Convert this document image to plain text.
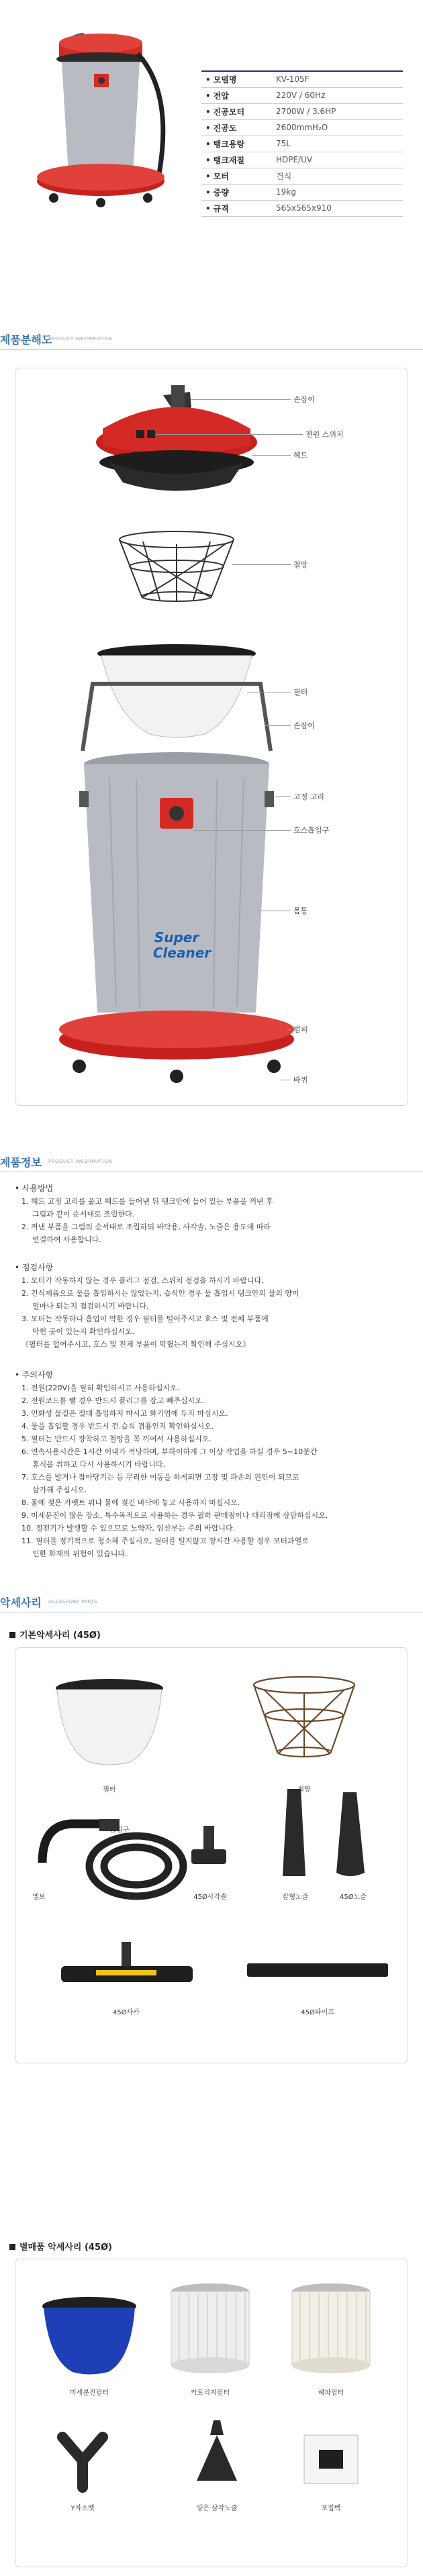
• 모델명	KV-105F
• 전압	220V / 60Hz
• 진공모터	2700W / 3.6HP
• 진공도	2600mmH₂O
• 탱크용량	75L
• 탱크재질	HDPE/UV
• 모터	건식
• 중량	19kg
• 규격	565x565x910
제품분해도
PRODUCT INFORMATION
Super
Cleaner
손잡이
전원 스위치
헤드
철망
필터
손잡이
고정 고리
호스흡입구
몸통
범퍼
바퀴
제품정보 PRODUCT INFORMATION
• 사용방법
1. 헤드 고정 고리를 풀고 헤드를 들어낸 뒤 탱크안에 들어 있는 부품을 꺼낸 후
그림과 같이 순서대로 조립한다.
2. 꺼낸 부품을 그림의 순서대로 조립하되 바닥용, 사각솔, 노즐은 용도에 따라
연결하여 사용합니다.
• 점검사항
1. 모터가 작동하지 않는 경우 플러그 점검, 스위치 점검을 하시기 바랍니다.
2. 건식제품으로 물을 흡입하시는 않았는지, 습식인 경우 물 흡입시 탱크안의 물의 양이
얼마나 되는지 점검하시기 바랍니다.
3. 모터는 작동하나 흡입이 약한 경우 필터를 털어주시고 호스 및 전체 부품에
막힌 곳이 있는지 확인하십시오.
《필터를 털어주시고, 호스 및 전체 부품이 막혔는지 확인해 주십시오》
• 주의사항
1. 전원(220V)을 필히 확인하시고 사용하십시오.
2. 전원코드를 뺄 경우 반드시 플러그를 잡고 빼주십시오.
3. 인화성 물질은 절대 흡입하지 마시고 화기엄에 두지 마십시오.
4. 물을 흡입할 경우 반드시 건.습식 겸용인지 확인하십시오.
5. 필터는 반드시 장착하고 철망을 꼭 끼어서 사용하십시오.
6. 연속사용시간은 1시간 이내가 적당하며, 부하이하게 그 이상 작업을 하실 경우 5~10분간
휴식을 취하고 다시 사용하시기 바랍니다.
7. 호스를 발거나 잡아당기는 등 무리한 이동을 하게되면 고장 및 파손의 원인이 되므로
삼가해 주십시오.
8. 물에 젖은 카펫트 위나 물에 젖긴 바닥에 놓고 사용하지 마십시오.
9. 미세분진이 많은 장소, 특수목적으로 사용하는 경우 필히 판매점이나 대리점에 상담하십시오.
10. 정전기가 발생할 수 있으므로 노약자, 임산부는 주의 바랍니다.
11. 필터를 정기적으로 청소해 주십시오, 필터를 털지않고 장시간 사용할 경우 모터과열로
인한 화재의 위험이 있습니다.
악세사리 ACCESSORY PARTS
기본악세사리 (45Ø)
필터	철망
흡입구
엘보	호스	45Ø사각솔	칼형노즐	45Ø노즐
45Ø사카	45Ø파이프
별매품 악세사리 (45Ø)
미세분진필터	카트리지필터	헤파필터
Y자소켓	양은 삼각노즐	포집백
